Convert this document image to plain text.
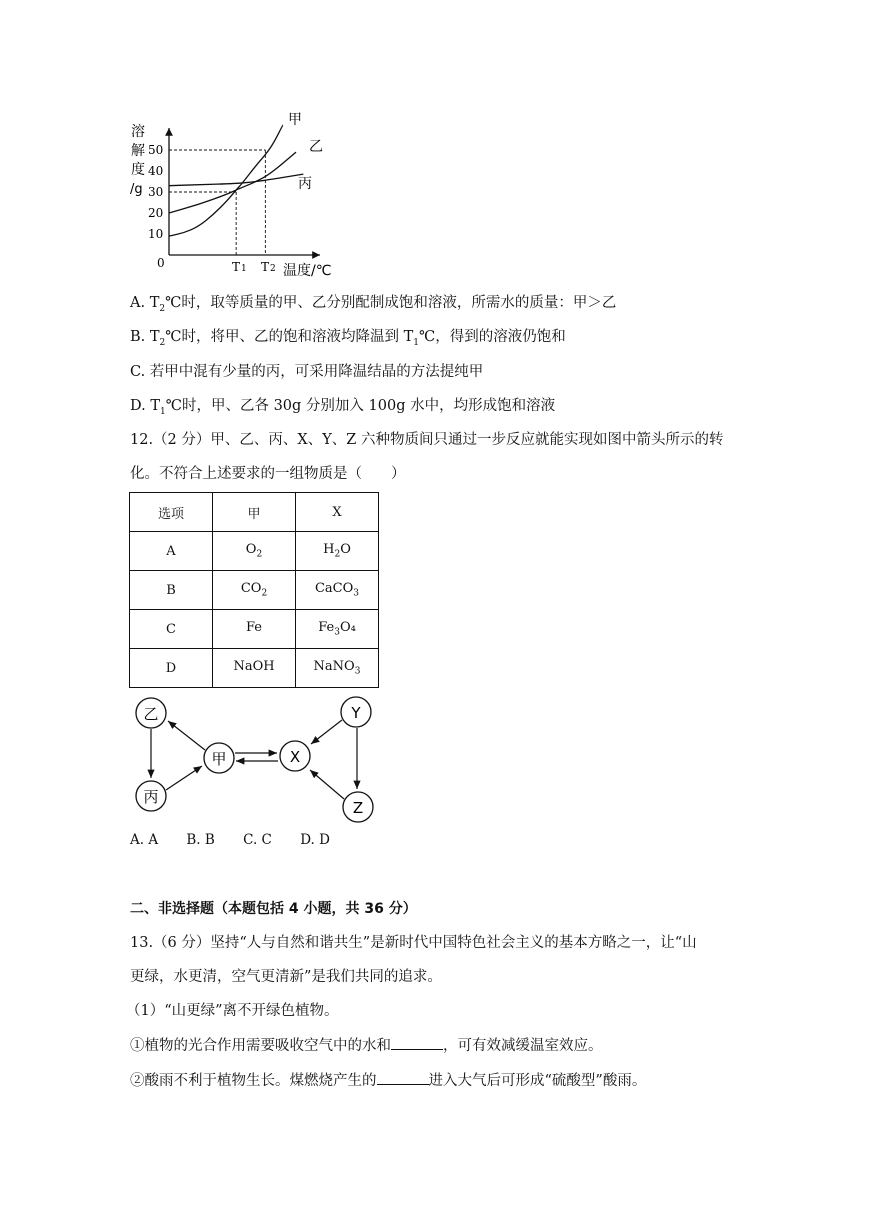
溶
解
度
/g
10
20
30
40
50
0
甲
乙
丙
T1 T2 温度/℃
A. $T_2℃$时，取等质量的甲、乙分别配制成饱和溶液，所需水的质量：甲＞乙
B. $T_2℃$时，将甲、乙的饱和溶液均降温到 $T_1℃$，得到的溶液仍饱和
C. 若甲中混有少量的丙，可采用降温结晶的方法提纯甲
D. $T_1℃$时，甲、乙各 30g 分别加入 100g 水中，均形成饱和溶液
12.（2 分）甲、乙、丙、X、Y、Z 六种物质间只通过一步反应就能实现如图中箭头所示的转
化。不符合上述要求的一组物质是（　　）
选项	甲	X
A	$O_2$	$H_2O$
B	$CO_2$	CaCO$_3$
C	Fe	$Fe_3O_4$
D	NaOH	NaNO$_3$
乙
丙
甲	X
Y
Z
A. A B. B C. C D. D
二、非选择题（本题包括 4 小题，共 36 分）
13.（6 分）坚持“人与自然和谐共生”是新时代中国特色社会主义的基本方略之一，让“山
更绿，水更清，空气更清新”是我们共同的追求。
（1）“山更绿”离不开绿色植物。
①植物的光合作用需要吸收空气中的水和	，可有效减缓温室效应。
②酸雨不利于植物生长。煤燃烧产生的	进入大气后可形成“硫酸型”酸雨。
